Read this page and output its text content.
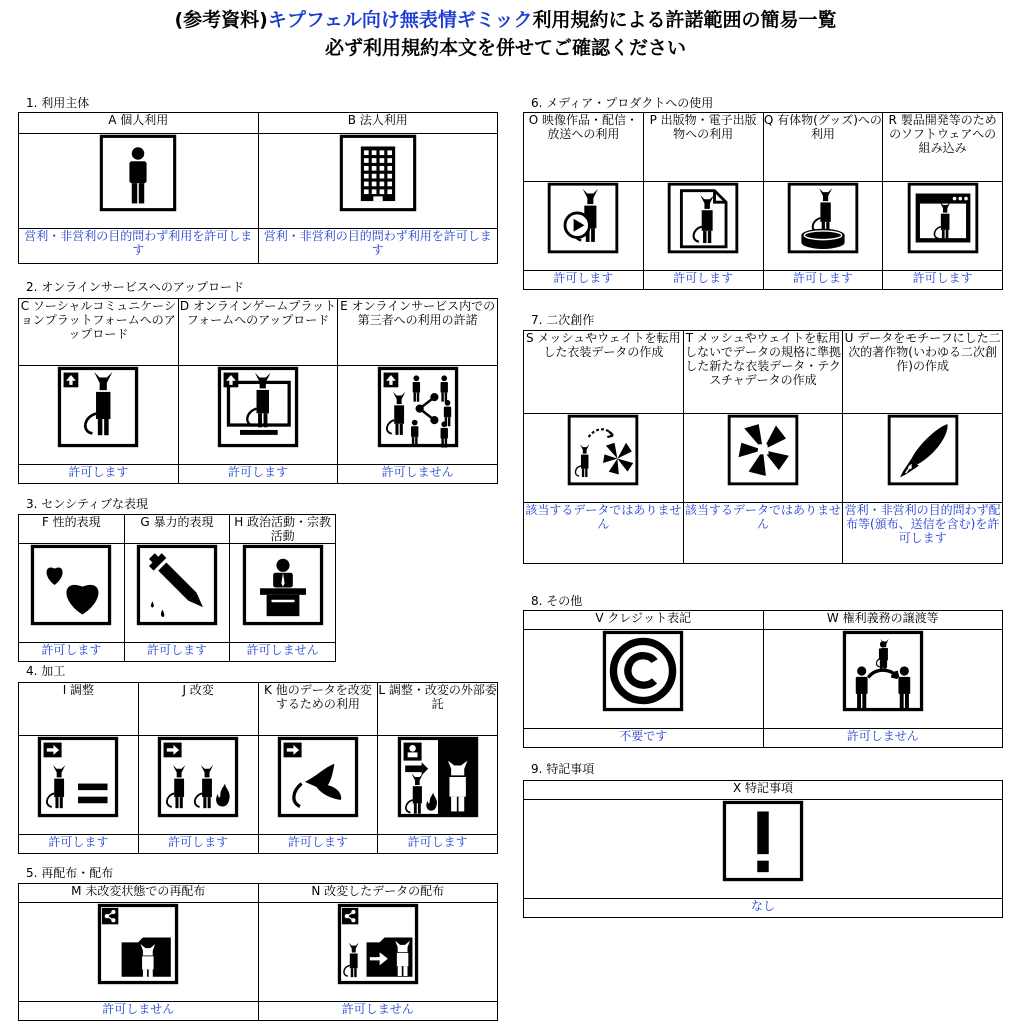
(参考資料)キプフェル向け無表情ギミック利用規約による許諾範囲の簡易一覧
必ず利用規約本文を併せてご確認ください
1. 利用主体
A 個人利用	B 法人利用

営利・非営利の目的問わず利用を許可します	営利・非営利の目的問わず利用を許可します
2. オンラインサービスへのアップロード
C ソーシャルコミュニケーションプラットフォームへのアップロード	D オンラインゲームプラットフォームへのアップロード	E オンラインサービス内での第三者への利用の許諾

許可します	許可します	許可しません
3. センシティブな表現
F 性的表現	G 暴力的表現	H 政治活動・宗教活動

許可します	許可します	許可しません
4. 加工
I 調整	J 改変	K 他のデータを改変するための利用	L 調整・改変の外部委託

許可します	許可します	許可します	許可します
5. 再配布・配布
M 未改変状態での再配布	N 改変したデータの配布

許可しません	許可しません
6. メディア・プロダクトへの使用
O 映像作品・配信・放送への利用	P 出版物・電子出版物への利用	Q 有体物(グッズ)への利用	R 製品開発等のためのソフトウェアへの組み込み

許可します	許可します	許可します	許可します
7. 二次創作
S メッシュやウェイトを転用した衣装データの作成	T メッシュやウェイトを転用しないでデータの規格に準拠した新たな衣装データ・テクスチャデータの作成	U データをモチーフにした二次的著作物(いわゆる二次創作)の作成

該当するデータではありません	該当するデータではありません	営利・非営利の目的問わず配布等(頒布、送信を含む)を許可します
8. その他
V クレジット表記	W 権利義務の譲渡等

不要です	許可しません
9. 特記事項
X 特記事項

なし
